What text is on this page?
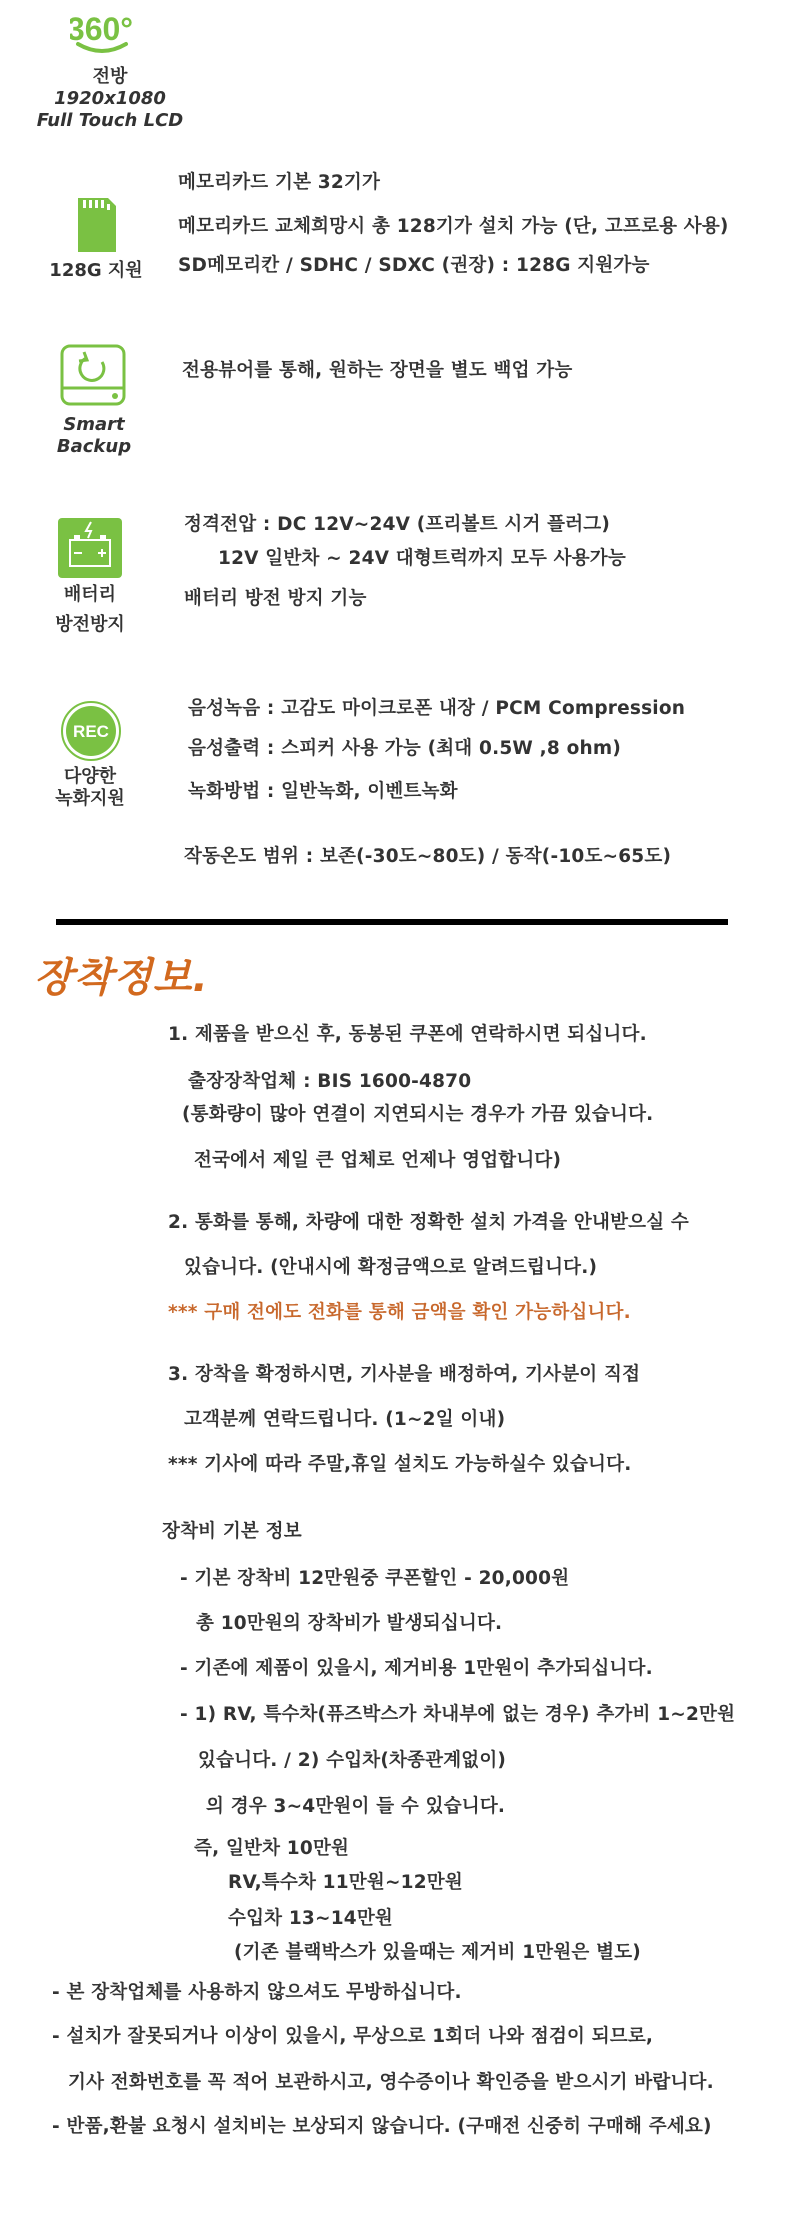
360°
전방
1920x1080
Full Touch LCD
128G 지원
메모리카드 기본 32기가
메모리카드 교체희망시 총 128기가 설치 가능 (단, 고프로용 사용)
SD메모리칸 / SDHC / SDXC (권장) : 128G 지원가능
Smart
Backup
전용뷰어를 통해, 원하는 장면을 별도 백업 가능
배터리
방전방지
정격전압 : DC 12V~24V (프리볼트 시거 플러그)
12V 일반차 ~ 24V 대형트럭까지 모두 사용가능
배터리 방전 방지 기능
REC
다양한
녹화지원
음성녹음 : 고감도 마이크로폰 내장 / PCM Compression
음성출력 : 스피커 사용 가능 (최대 0.5W ,8 ohm)
녹화방법 : 일반녹화, 이벤트녹화
작동온도 범위 : 보존(-30도~80도) / 동작(-10도~65도)
장착정보.
1. 제품을 받으신 후, 동봉된 쿠폰에 연락하시면 되십니다.
출장장착업체 : BIS 1600-4870
(통화량이 많아 연결이 지연되시는 경우가 가끔 있습니다.
전국에서 제일 큰 업체로 언제나 영업합니다)
2. 통화를 통해, 차량에 대한 정확한 설치 가격을 안내받으실 수
있습니다. (안내시에 확정금액으로 알려드립니다.)
*** 구매 전에도 전화를 통해 금액을 확인 가능하십니다.
3. 장착을 확정하시면, 기사분을 배정하여, 기사분이 직접
고객분께 연락드립니다. (1~2일 이내)
*** 기사에 따라 주말,휴일 설치도 가능하실수 있습니다.
장착비 기본 정보
- 기본 장착비 12만원중 쿠폰할인 - 20,000원
총 10만원의 장착비가 발생되십니다.
- 기존에 제품이 있을시, 제거비용 1만원이 추가되십니다.
- 1) RV, 특수차(퓨즈박스가 차내부에 없는 경우) 추가비 1~2만원
있습니다. / 2) 수입차(차종관계없이)
의 경우 3~4만원이 들 수 있습니다.
즉, 일반차 10만원
RV,특수차 11만원~12만원
수입차 13~14만원
(기존 블랙박스가 있을때는 제거비 1만원은 별도)
- 본 장착업체를 사용하지 않으셔도 무방하십니다.
- 설치가 잘못되거나 이상이 있을시, 무상으로 1회더 나와 점검이 되므로,
기사 전화번호를 꼭 적어 보관하시고, 영수증이나 확인증을 받으시기 바랍니다.
- 반품,환불 요청시 설치비는 보상되지 않습니다. (구매전 신중히 구매해 주세요)
